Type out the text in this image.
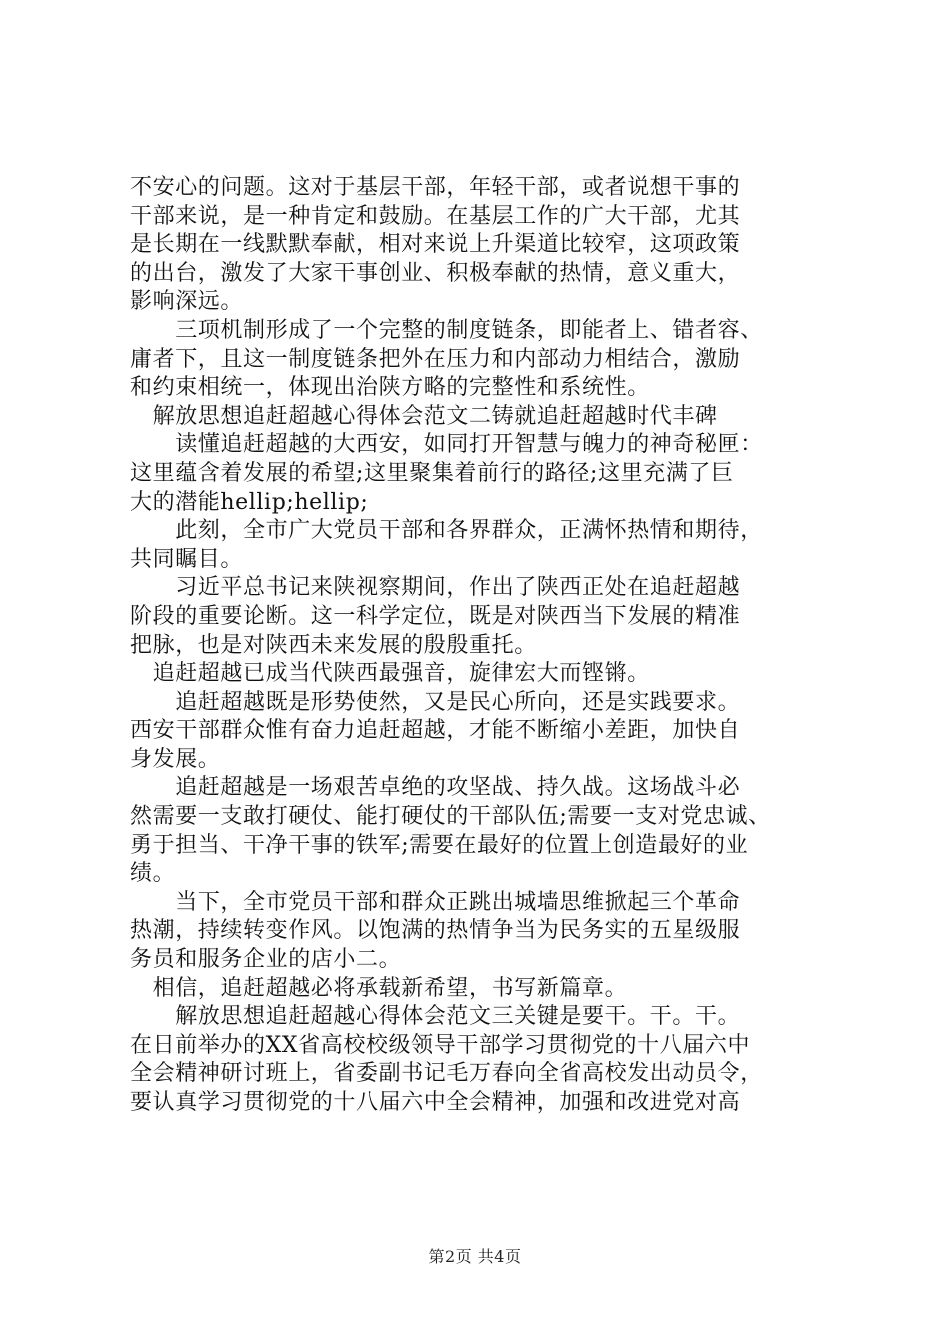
不安心的问题。这对于基层干部，年轻干部，或者说想干事的
干部来说，是一种肯定和鼓励。在基层工作的广大干部，尤其
是长期在一线默默奉献，相对来说上升渠道比较窄，这项政策
的出台，激发了大家干事创业、积极奉献的热情，意义重大，
影响深远。

　　三项机制形成了一个完整的制度链条，即能者上、错者容、
庸者下，且这一制度链条把外在压力和内部动力相结合，激励
和约束相统一，体现出治陕方略的完整性和系统性。

　解放思想追赶超越心得体会范文二铸就追赶超越时代丰碑

　　读懂追赶超越的大西安，如同打开智慧与魄力的神奇秘匣：
这里蕴含着发展的希望;这里聚集着前行的路径;这里充满了巨
大的潜能hellip;hellip;

　　此刻，全市广大党员干部和各界群众，正满怀热情和期待，
共同瞩目。

　　习近平总书记来陕视察期间，作出了陕西正处在追赶超越
阶段的重要论断。这一科学定位，既是对陕西当下发展的精准
把脉，也是对陕西未来发展的殷殷重托。

　追赶超越已成当代陕西最强音，旋律宏大而铿锵。

　　追赶超越既是形势使然，又是民心所向，还是实践要求。
西安干部群众惟有奋力追赶超越，才能不断缩小差距，加快自
身发展。

　　追赶超越是一场艰苦卓绝的攻坚战、持久战。这场战斗必
然需要一支敢打硬仗、能打硬仗的干部队伍;需要一支对党忠诚、
勇于担当、干净干事的铁军;需要在最好的位置上创造最好的业
绩。

　　当下，全市党员干部和群众正跳出城墙思维掀起三个革命
热潮，持续转变作风。以饱满的热情争当为民务实的五星级服
务员和服务企业的店小二。

　相信，追赶超越必将承载新希望，书写新篇章。

　　解放思想追赶超越心得体会范文三关键是要干。干。干。
在日前举办的XX省高校校级领导干部学习贯彻党的十八届六中
全会精神研讨班上，省委副书记毛万春向全省高校发出动员令，
要认真学习贯彻党的十八届六中全会精神，加强和改进党对高

第2页 共4页
